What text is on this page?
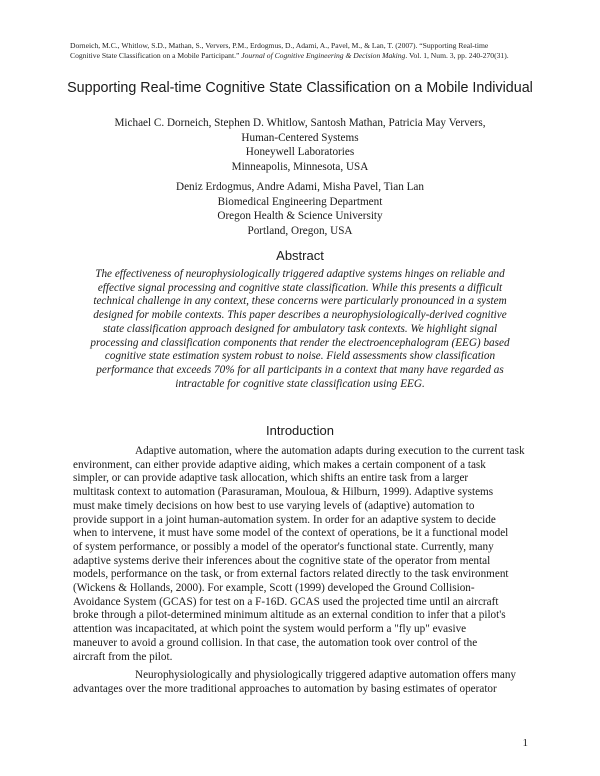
Dorneich, M.C., Whitlow, S.D., Mathan, S., Ververs, P.M., Erdogmus, D., Adami, A., Pavel, M., & Lan, T. (2007). “Supporting Real-time
Cognitive State Classification on a Mobile Participant.” Journal of Cognitive Engineering & Decision Making. Vol. 1, Num. 3, pp. 240-270(31).
Supporting Real-time Cognitive State Classification on a Mobile Individual
Michael C. Dorneich, Stephen D. Whitlow, Santosh Mathan, Patricia May Ververs,
Human-Centered Systems
Honeywell Laboratories
Minneapolis, Minnesota, USA
Deniz Erdogmus, Andre Adami, Misha Pavel, Tian Lan
Biomedical Engineering Department
Oregon Health & Science University
Portland, Oregon, USA
Abstract
The effectiveness of neurophysiologically triggered adaptive systems hinges on reliable and
effective signal processing and cognitive state classification. While this presents a difficult
technical challenge in any context, these concerns were particularly pronounced in a system
designed for mobile contexts. This paper describes a neurophysiologically-derived cognitive
state classification approach designed for ambulatory task contexts. We highlight signal
processing and classification components that render the electroencephalogram (EEG) based
cognitive state estimation system robust to noise. Field assessments show classification
performance that exceeds 70% for all participants in a context that many have regarded as
intractable for cognitive state classification using EEG.
Introduction
Adaptive automation, where the automation adapts during execution to the current task
environment, can either provide adaptive aiding, which makes a certain component of a task
simpler, or can provide adaptive task allocation, which shifts an entire task from a larger
multitask context to automation (Parasuraman, Mouloua, & Hilburn, 1999). Adaptive systems
must make timely decisions on how best to use varying levels of (adaptive) automation to
provide support in a joint human-automation system. In order for an adaptive system to decide
when to intervene, it must have some model of the context of operations, be it a functional model
of system performance, or possibly a model of the operator's functional state. Currently, many
adaptive systems derive their inferences about the cognitive state of the operator from mental
models, performance on the task, or from external factors related directly to the task environment
(Wickens & Hollands, 2000). For example, Scott (1999) developed the Ground Collision-
Avoidance System (GCAS) for test on a F-16D. GCAS used the projected time until an aircraft
broke through a pilot-determined minimum altitude as an external condition to infer that a pilot's
attention was incapacitated, at which point the system would perform a "fly up" evasive
maneuver to avoid a ground collision. In that case, the automation took over control of the
aircraft from the pilot.
Neurophysiologically and physiologically triggered adaptive automation offers many
advantages over the more traditional approaches to automation by basing estimates of operator
1
